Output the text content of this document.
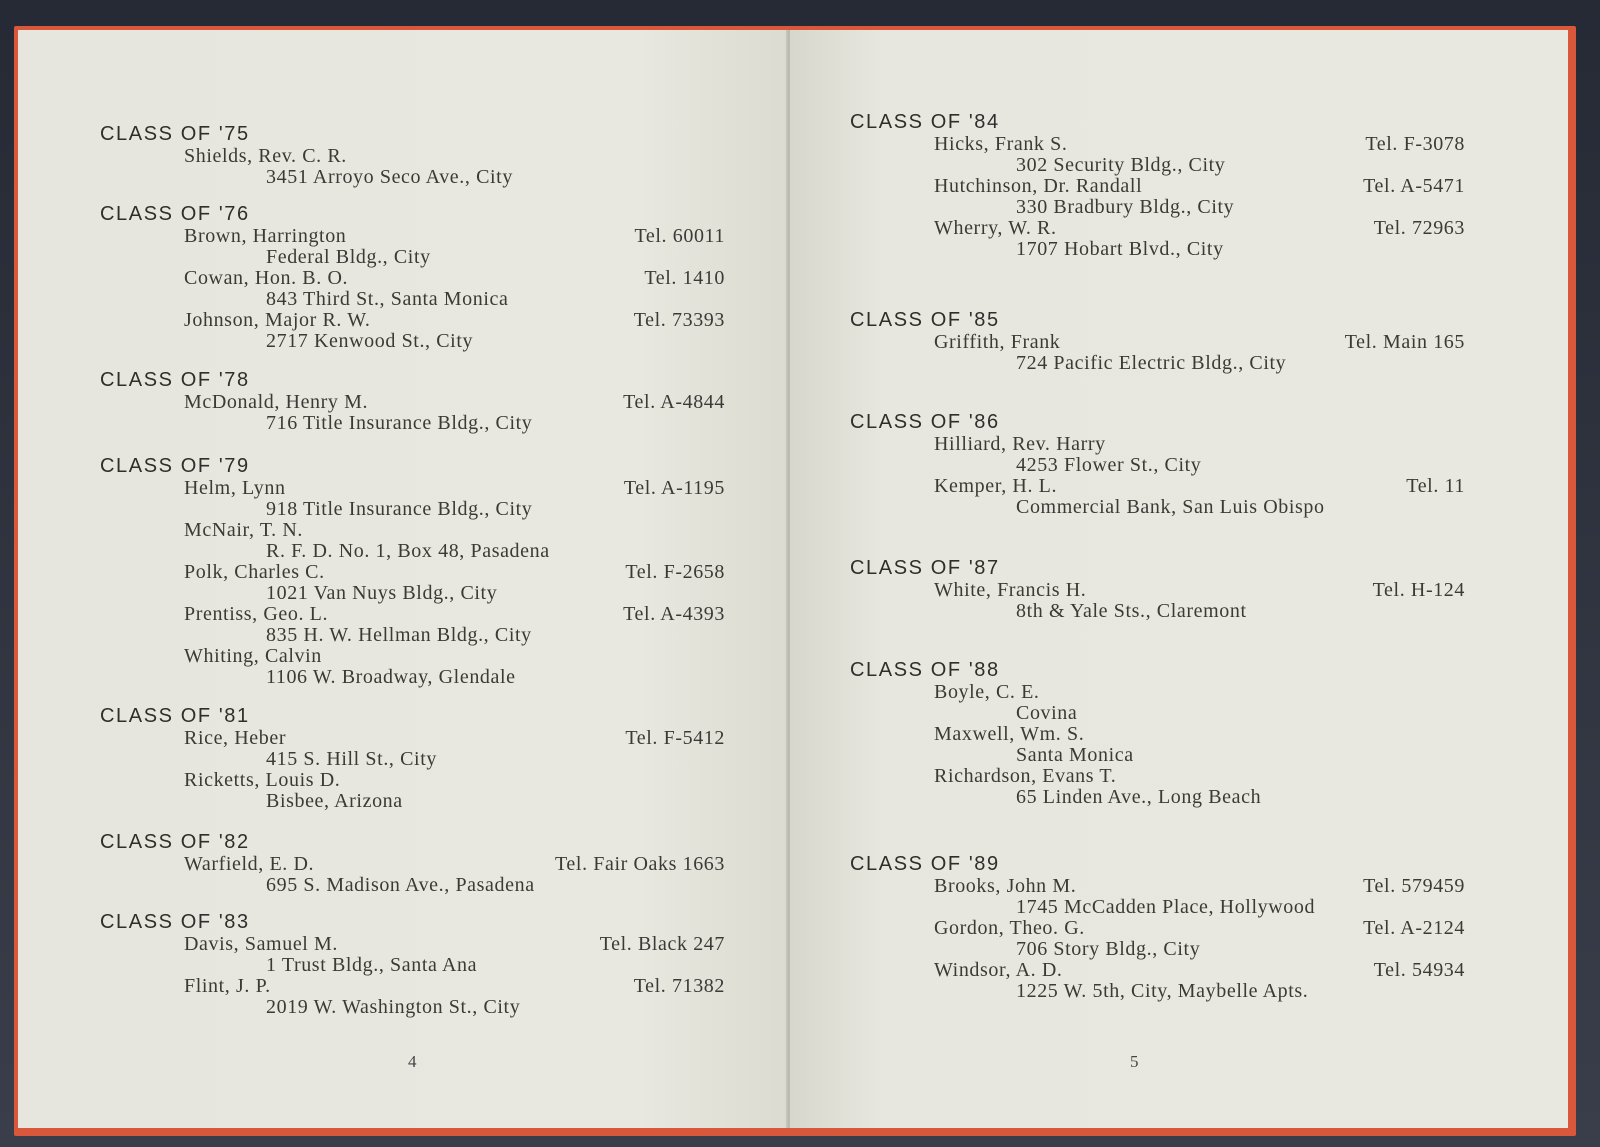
CLASS OF '75
Shields, Rev. C. R.
3451 Arroyo Seco Ave., City
CLASS OF '76
Brown, Harrington	Tel. 60011
Federal Bldg., City
Cowan, Hon. B. O.	Tel. 1410
843 Third St., Santa Monica
Johnson, Major R. W.	Tel. 73393
2717 Kenwood St., City
CLASS OF '78
McDonald, Henry M.	Tel. A-4844
716 Title Insurance Bldg., City
CLASS OF '79
Helm, Lynn	Tel. A-1195
918 Title Insurance Bldg., City
McNair, T. N.
R. F. D. No. 1, Box 48, Pasadena
Polk, Charles C.	Tel. F-2658
1021 Van Nuys Bldg., City
Prentiss, Geo. L.	Tel. A-4393
835 H. W. Hellman Bldg., City
Whiting, Calvin
1106 W. Broadway, Glendale
CLASS OF '81
Rice, Heber	Tel. F-5412
415 S. Hill St., City
Ricketts, Louis D.
Bisbee, Arizona
CLASS OF '82
Warfield, E. D.	Tel. Fair Oaks 1663
695 S. Madison Ave., Pasadena
CLASS OF '83
Davis, Samuel M.	Tel. Black 247
1 Trust Bldg., Santa Ana
Flint, J. P.	Tel. 71382
2019 W. Washington St., City
4
CLASS OF '84
Hicks, Frank S.	Tel. F-3078
302 Security Bldg., City
Hutchinson, Dr. Randall	Tel. A-5471
330 Bradbury Bldg., City
Wherry, W. R.	Tel. 72963
1707 Hobart Blvd., City
CLASS OF '85
Griffith, Frank	Tel. Main 165
724 Pacific Electric Bldg., City
CLASS OF '86
Hilliard, Rev. Harry
4253 Flower St., City
Kemper, H. L.	Tel. 11
Commercial Bank, San Luis Obispo
CLASS OF '87
White, Francis H.	Tel. H-124
8th & Yale Sts., Claremont
CLASS OF '88
Boyle, C. E.
Covina
Maxwell, Wm. S.
Santa Monica
Richardson, Evans T.
65 Linden Ave., Long Beach
CLASS OF '89
Brooks, John M.	Tel. 579459
1745 McCadden Place, Hollywood
Gordon, Theo. G.	Tel. A-2124
706 Story Bldg., City
Windsor, A. D.	Tel. 54934
1225 W. 5th, City, Maybelle Apts.
5
